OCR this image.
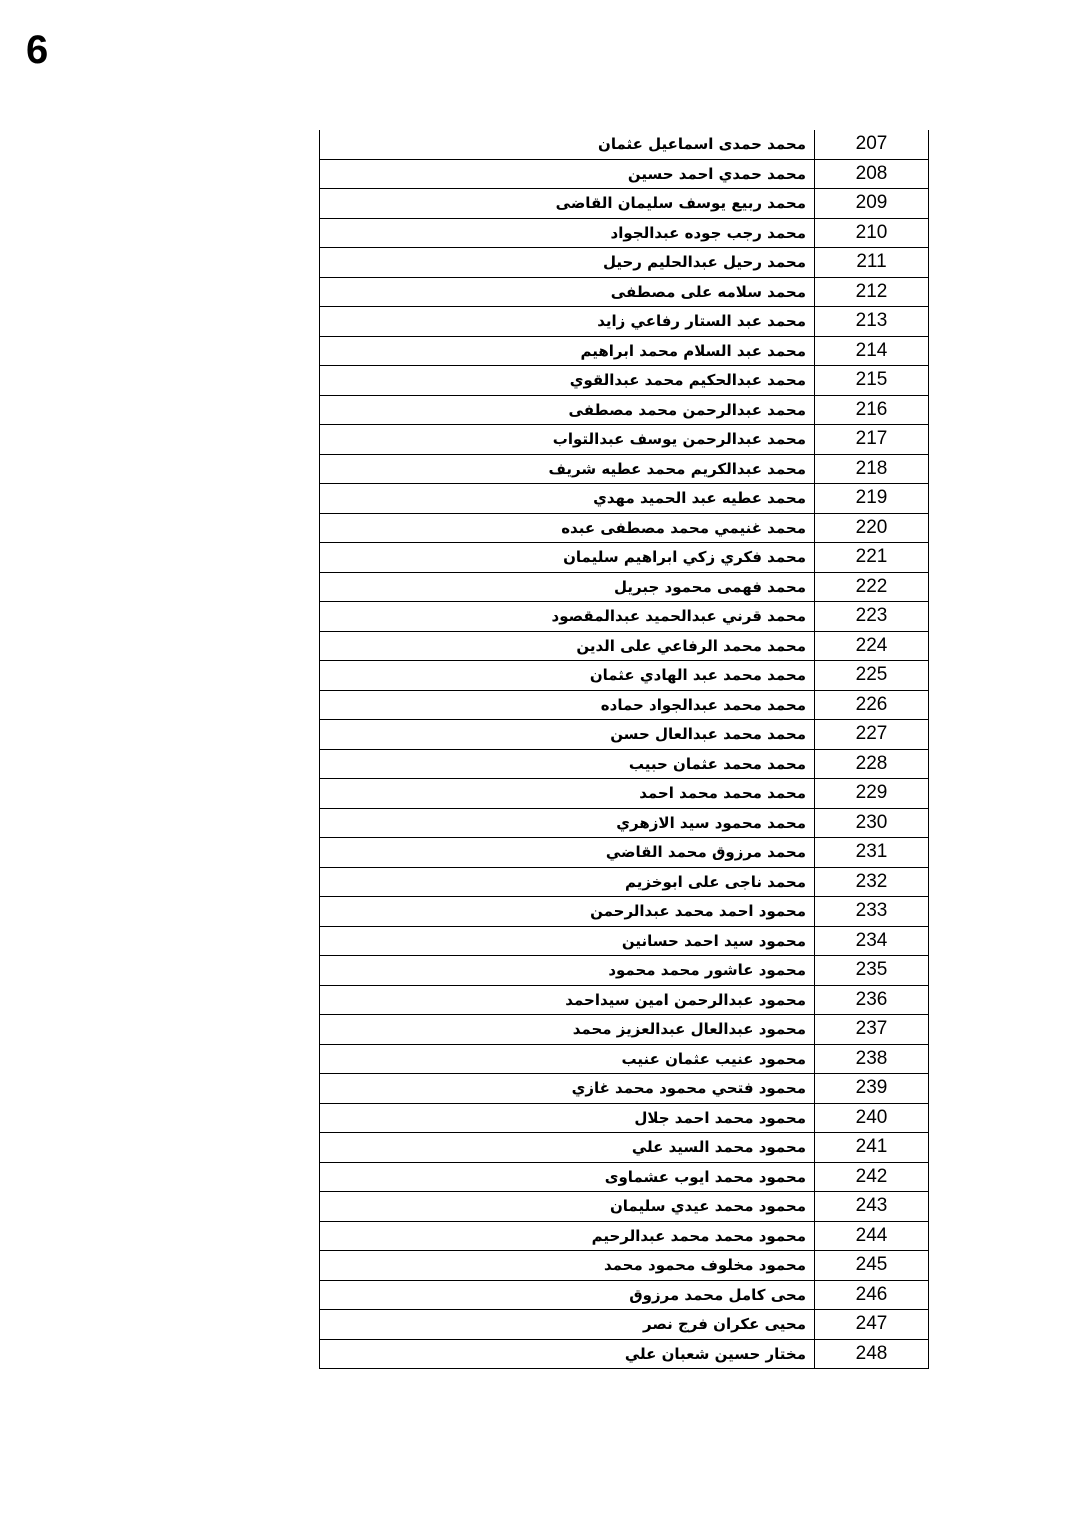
6
محمد حمدى اسماعيل عثمان	207
محمد حمدي احمد حسين	208
محمد ربيع يوسف سليمان القاضى	209
محمد رجب جوده عبدالجواد	210
محمد رحيل عبدالحليم رحيل	211
محمد سلامه على مصطفى	212
محمد عبد الستار رفاعي زايد	213
محمد عبد السلام محمد ابراهيم	214
محمد عبدالحكيم محمد عبدالقوي	215
محمد عبدالرحمن محمد مصطفى	216
محمد عبدالرحمن يوسف عبدالتواب	217
محمد عبدالكريم محمد عطيه شريف	218
محمد عطيه عبد الحميد مهدي	219
محمد غنيمي محمد مصطفى عبده	220
محمد فكري زكي ابراهيم سليمان	221
محمد فهمى محمود جبريل	222
محمد قرني عبدالحميد عبدالمقصود	223
محمد محمد الرفاعي على الدين	224
محمد محمد عبد الهادي عثمان	225
محمد محمد عبدالجواد حماده	226
محمد محمد عبدالعال حسن	227
محمد محمد عثمان حبيب	228
محمد محمد محمد احمد	229
محمد محمود سيد الازهري	230
محمد مرزوق محمد القاضي	231
محمد ناجى على ابوخزيم	232
محمود احمد محمد عبدالرحمن	233
محمود سيد احمد حسانين	234
محمود عاشور محمد محمود	235
محمود عبدالرحمن امين سيداحمد	236
محمود عبدالعال عبدالعزيز محمد	237
محمود عنيب عثمان عنيب	238
محمود فتحي محمود محمد غازي	239
محمود محمد احمد جلال	240
محمود محمد السيد علي	241
محمود محمد ايوب عشماوى	242
محمود محمد عيدي سليمان	243
محمود محمد محمد عبدالرحيم	244
محمود مخلوف محمود محمد	245
محى كامل محمد مرزوق	246
محيى عكران فرج نصر	247
مختار حسين شعبان علي	248
